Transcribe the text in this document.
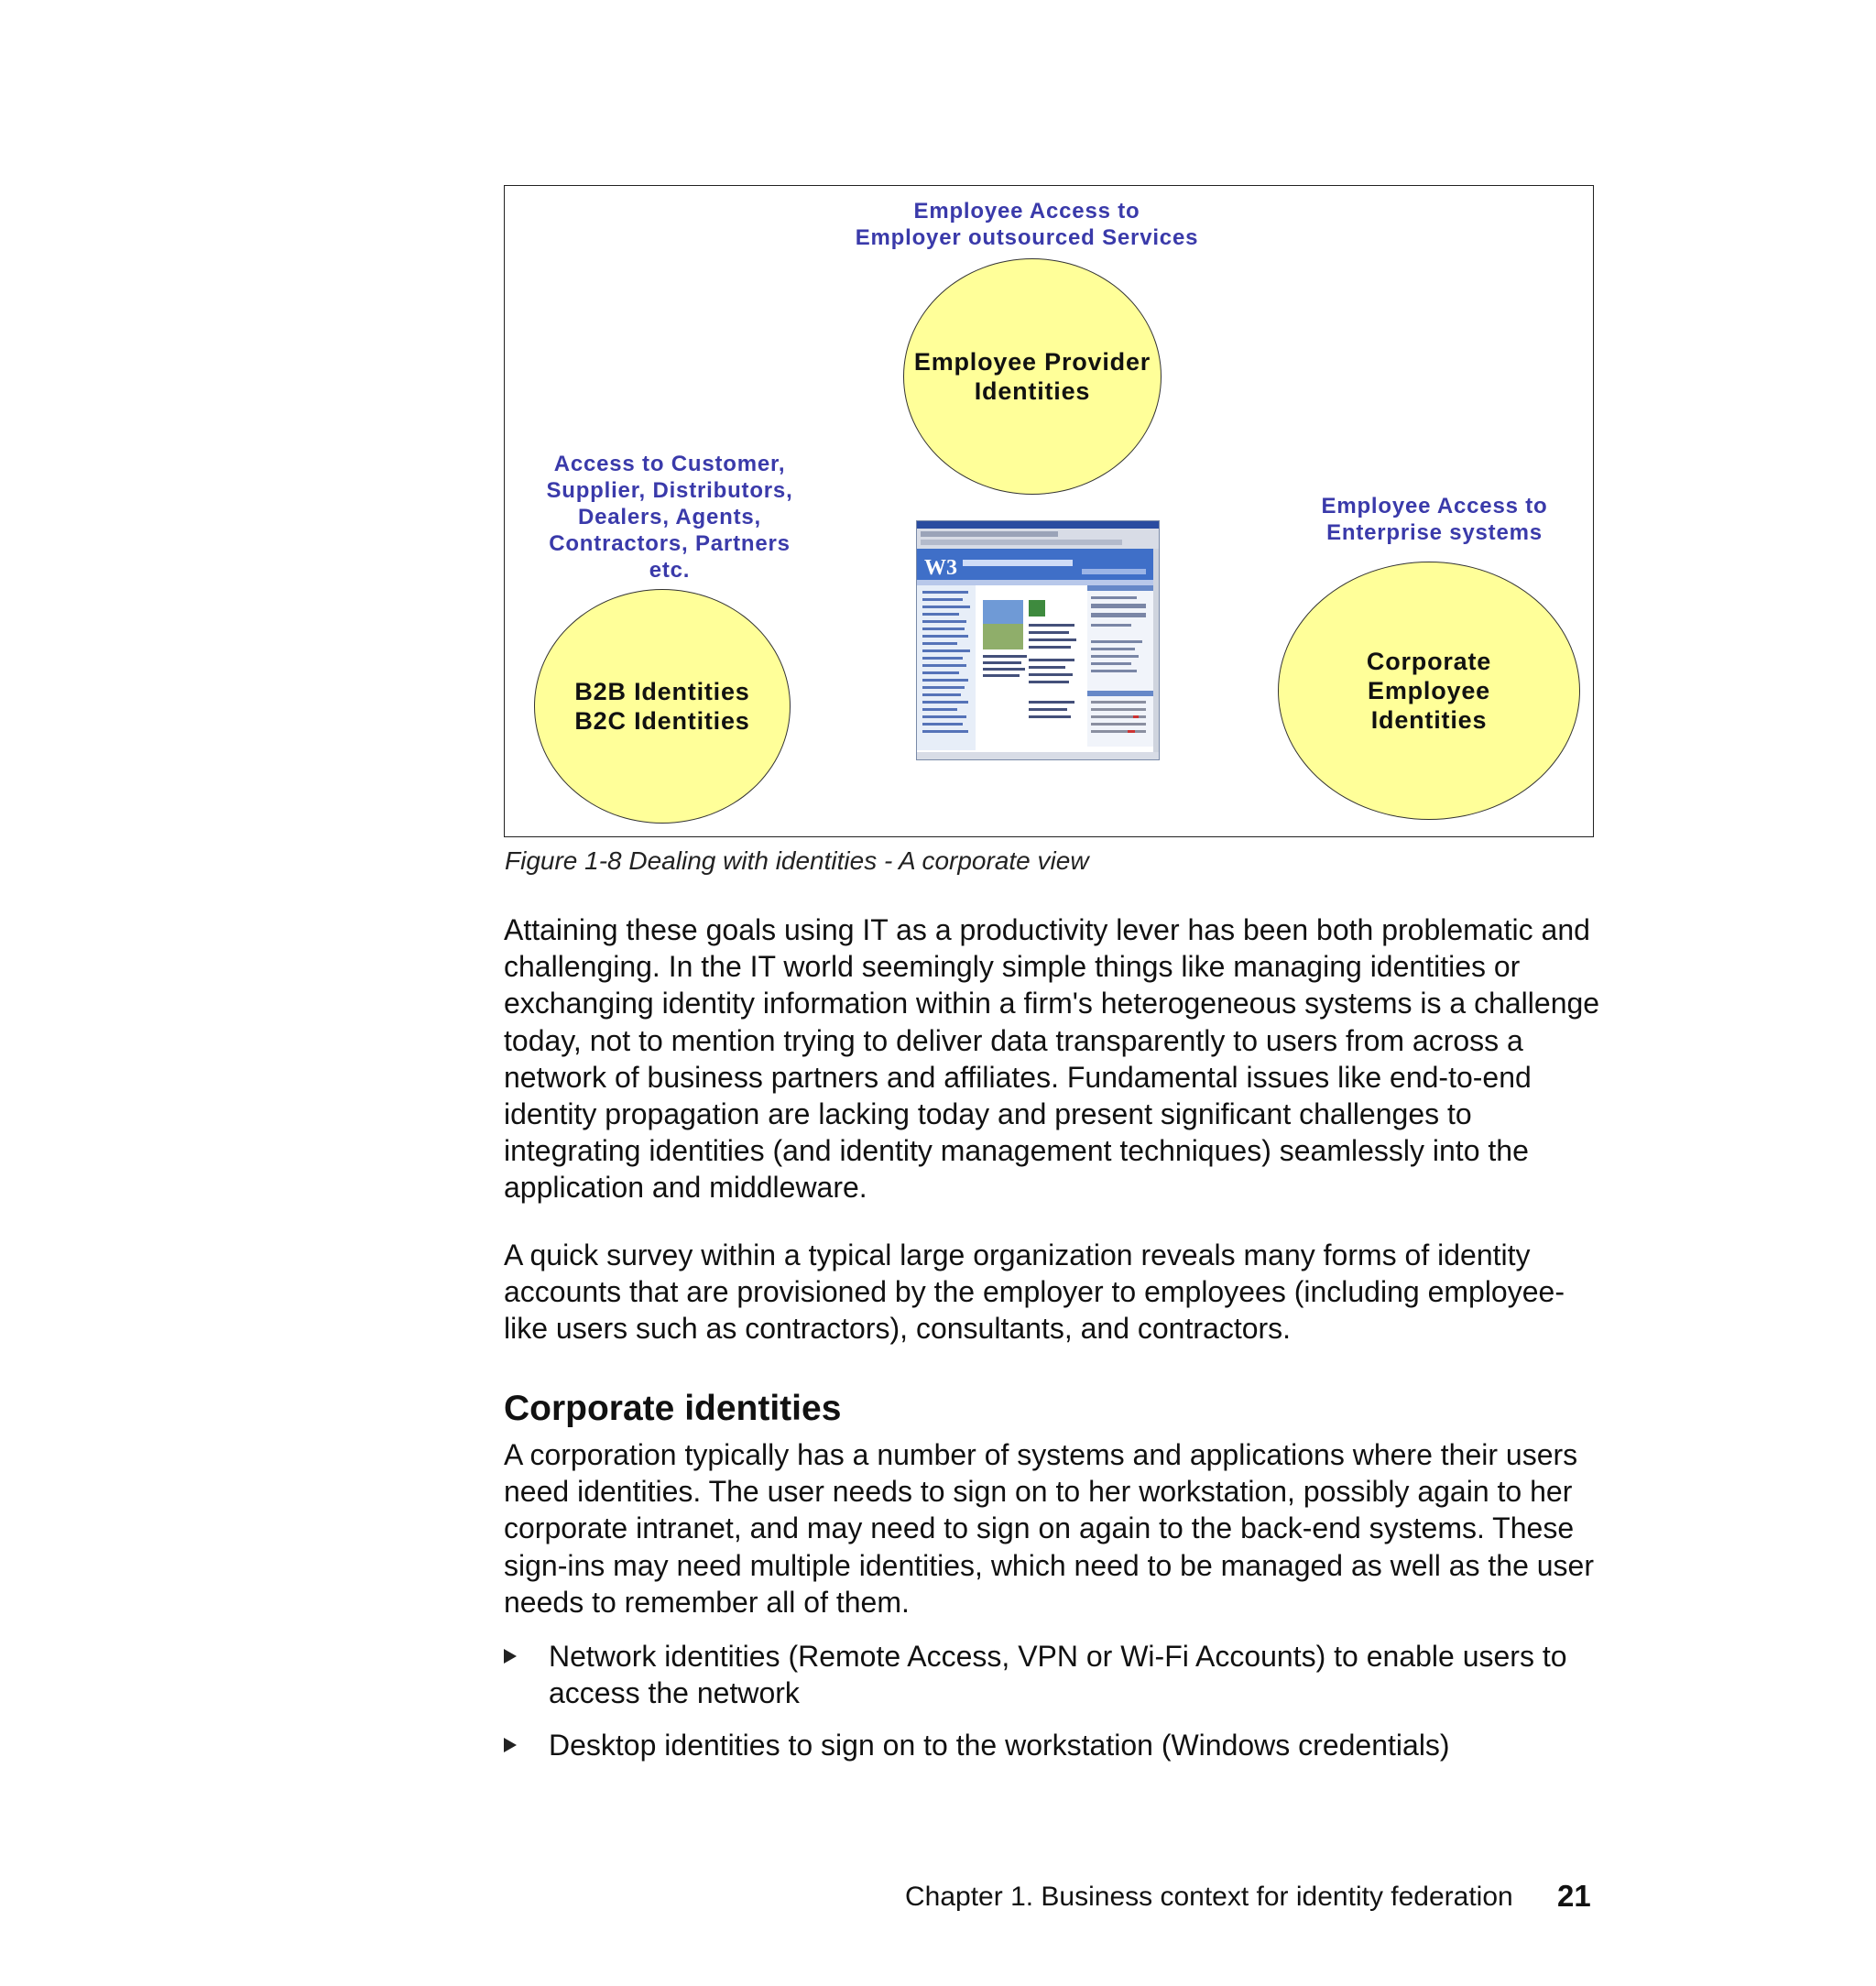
Employee Access to
Employer outsourced Services
Employee Provider
Identities
Access to Customer,
Supplier, Distributors,
Dealers, Agents,
Contractors, Partners
etc.
Employee Access to
Enterprise systems
B2B Identities
B2C Identities
Corporate
Employee
Identities
W3
Figure 1-8 Dealing with identities - A corporate view

Attaining these goals using IT as a productivity lever has been both problematic and challenging. In the IT world seemingly simple things like managing identities or exchanging identity information within a firm's heterogeneous systems is a challenge today, not to mention trying to deliver data transparently to users from across a network of business partners and affiliates. Fundamental issues like end-to-end identity propagation are lacking today and present significant challenges to integrating identities (and identity management techniques) seamlessly into the application and middleware.

A quick survey within a typical large organization reveals many forms of identity accounts that are provisioned by the employer to employees (including employee-like users such as contractors), consultants, and contractors.

Corporate identities

A corporation typically has a number of systems and applications where their users need identities. The user needs to sign on to her workstation, possibly again to her corporate intranet, and may need to sign on again to the back-end systems. These sign-ins may need multiple identities, which need to be managed as well as the user needs to remember all of them.

Network identities (Remote Access, VPN or Wi-Fi Accounts) to enable users to access the network
Desktop identities to sign on to the workstation (Windows credentials)
Chapter 1. Business context for identity federation 21
